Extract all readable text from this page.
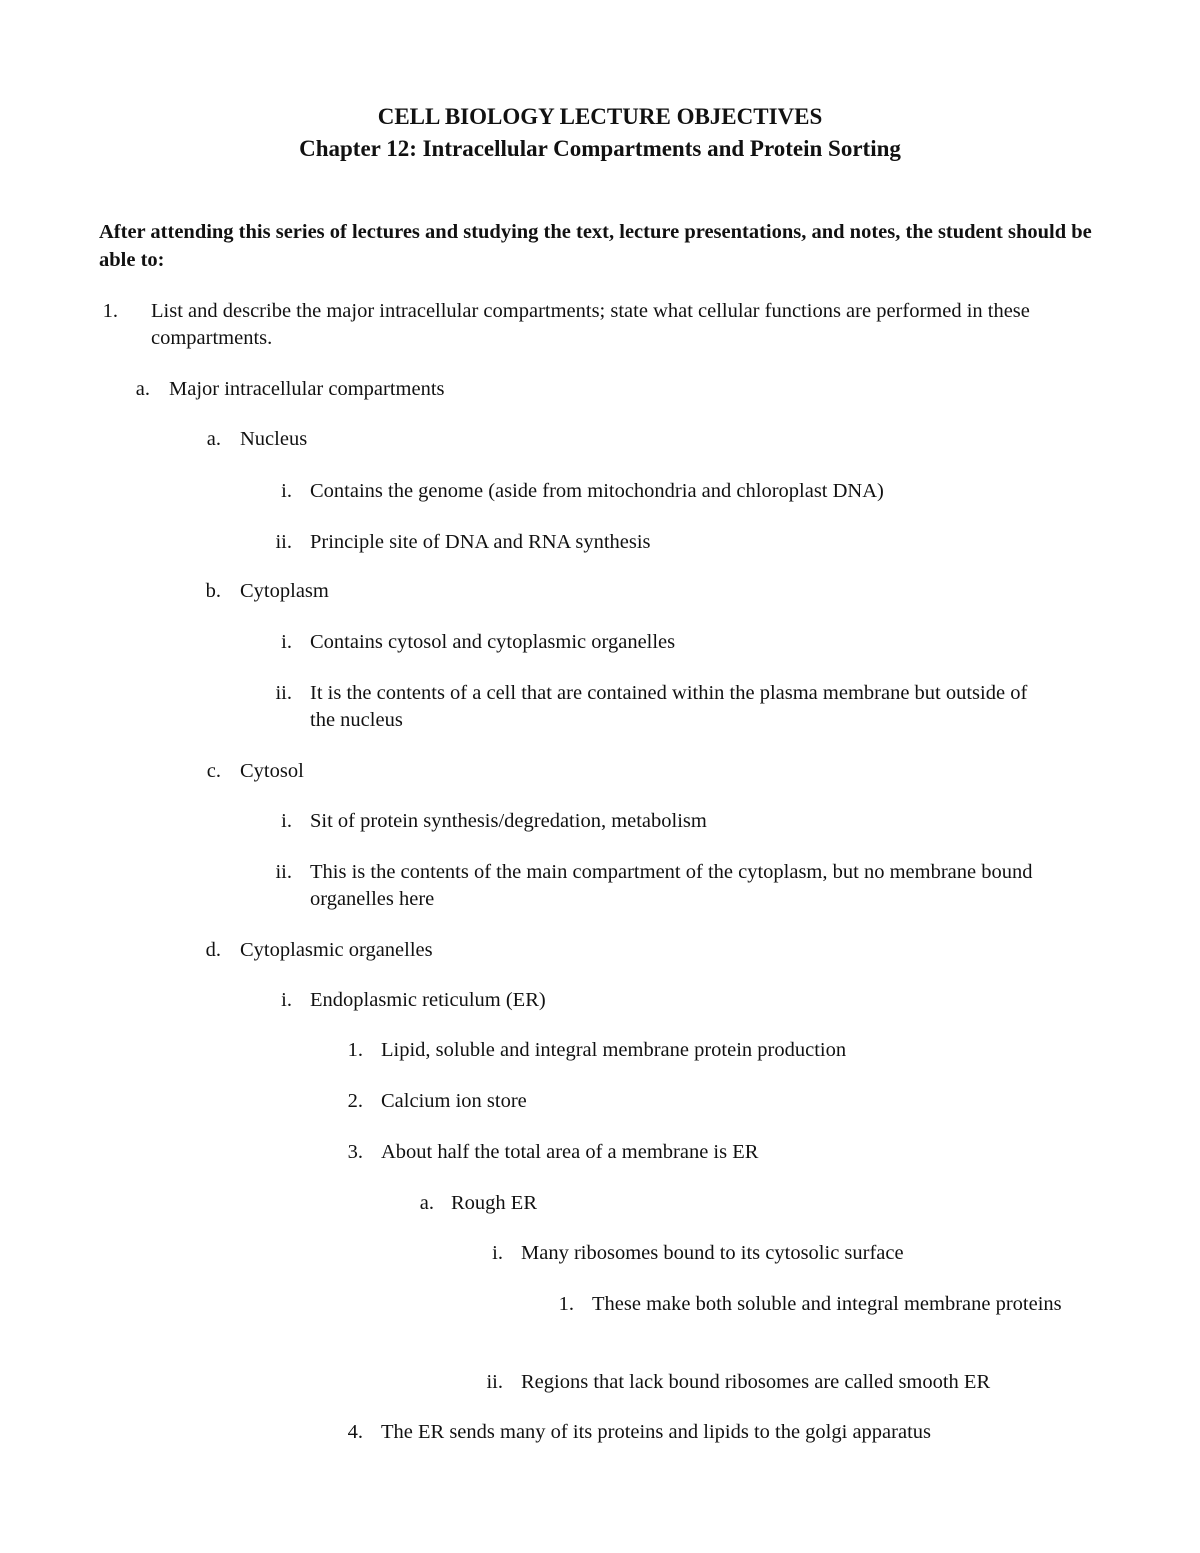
CELL BIOLOGY LECTURE OBJECTIVES
Chapter 12: Intracellular Compartments and Protein Sorting

After attending this series of lectures and studying the text, lecture presentations, and notes, the student should be able to:

1. List and describe the major intracellular compartments; state what cellular functions are performed in these compartments.
a. Major intracellular compartments
a. Nucleus
i. Contains the genome (aside from mitochondria and chloroplast DNA)
ii. Principle site of DNA and RNA synthesis
b. Cytoplasm
i. Contains cytosol and cytoplasmic organelles
ii. It is the contents of a cell that are contained within the plasma membrane but outside of the nucleus
c. Cytosol
i. Sit of protein synthesis/degredation, metabolism
ii. This is the contents of the main compartment of the cytoplasm, but no membrane bound organelles here
d. Cytoplasmic organelles
i. Endoplasmic reticulum (ER)
1. Lipid, soluble and integral membrane protein production
2. Calcium ion store
3. About half the total area of a membrane is ER
a. Rough ER
i. Many ribosomes bound to its cytosolic surface
1. These make both soluble and integral membrane proteins
ii. Regions that lack bound ribosomes are called smooth ER
4. The ER sends many of its proteins and lipids to the golgi apparatus
